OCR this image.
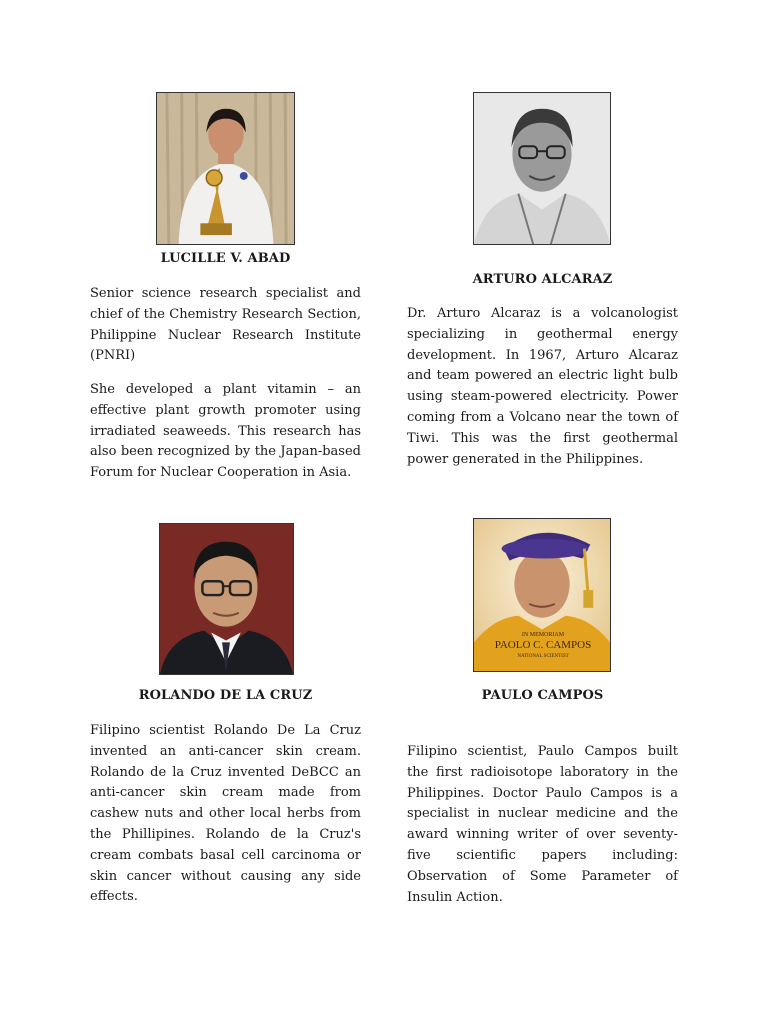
LUCILLE V. ABAD

Senior science research specialist and chief of the Chemistry Research Section, Philippine Nuclear Research Institute (PNRI)

She developed a plant vitamin – an effective plant growth promoter using irradiated seaweeds. This research has also been recognized by the Japan-based Forum for Nuclear Cooperation in Asia.

ARTURO ALCARAZ

Dr. Arturo Alcaraz is a volcanologist specializing in geothermal energy development. In 1967, Arturo Alcaraz and team powered an electric light bulb using steam-powered electricity. Power coming from a Volcano near the town of Tiwi. This was the first geothermal power generated in the Philippines.

ROLANDO DE LA CRUZ

Filipino scientist Rolando De La Cruz invented an anti-cancer skin cream. Rolando de la Cruz invented DeBCC an anti-cancer skin cream made from cashew nuts and other local herbs from the Phillipines. Rolando de la Cruz's cream combats basal cell carcinoma or skin cancer without causing any side effects.

IN MEMORIAM
PAOLO C. CAMPOS
NATIONAL SCIENTIST
PAULO CAMPOS

Filipino scientist, Paulo Campos built the first radioisotope laboratory in the Philippines. Doctor Paulo Campos is a specialist in nuclear medicine and the award winning writer of over seventy-five scientific papers including: Observation of Some Parameter of Insulin Action.
